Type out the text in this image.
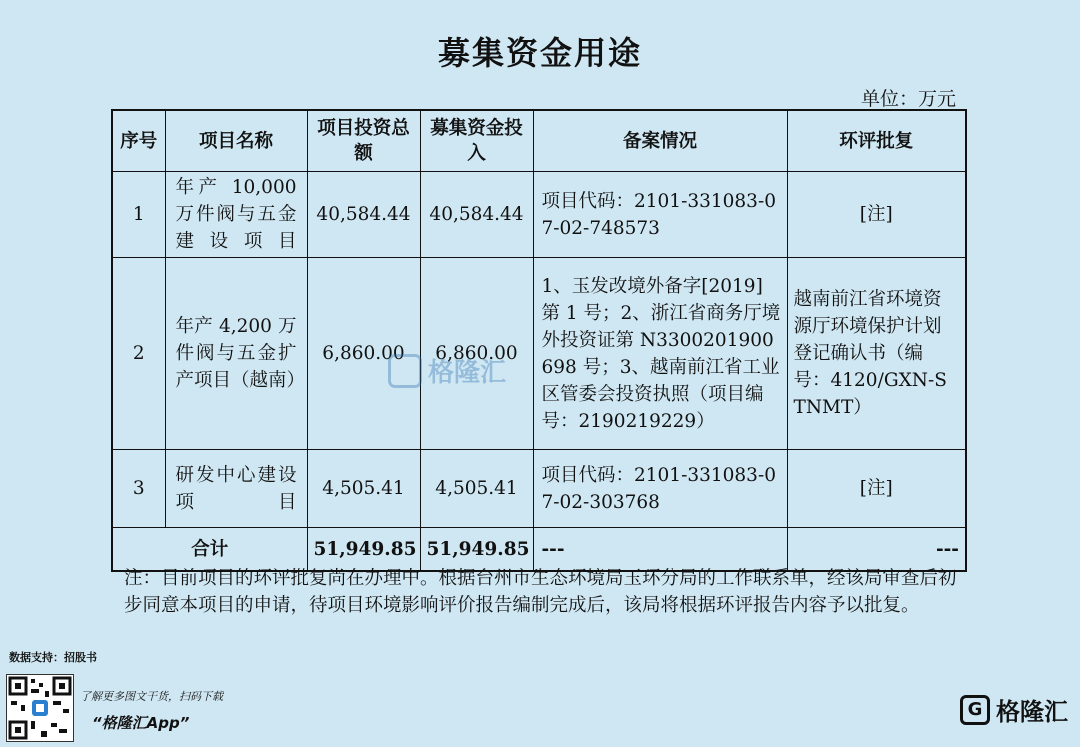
募集资金用途
单位：万元
序号	项目名称	项目投资总额	募集资金投入	备案情况	环评批复
1	年产 10,000 万件阀与五金建设项目	40,584.44	40,584.44	项目代码：2101-331083-07-02-748573	[注]
2	年产 4,200 万件阀与五金扩产项目（越南）	6,860.00	6,860.00	1、玉发改境外备字[2019]第 1 号；2、浙江省商务厅境外投资证第 N3300201900698 号；3、越南前江省工业区管委会投资执照（项目编号：2190219229）	越南前江省环境资源厅环境保护计划登记确认书（编号：4120/GXN-STNMT）
3	研发中心建设项目	4,505.41	4,505.41	项目代码：2101-331083-07-02-303768	[注]
合计		51,949.85	51,949.85	---	---
格隆汇
注：目前项目的环评批复尚在办理中。根据台州市生态环境局玉环分局的工作联系单，经该局审查后初步同意本项目的申请，待项目环境影响评价报告编制完成后，该局将根据环评报告内容予以批复。
数据支持：招股书
了解更多图文干货，扫码下载
“格隆汇App”
G 格隆汇
